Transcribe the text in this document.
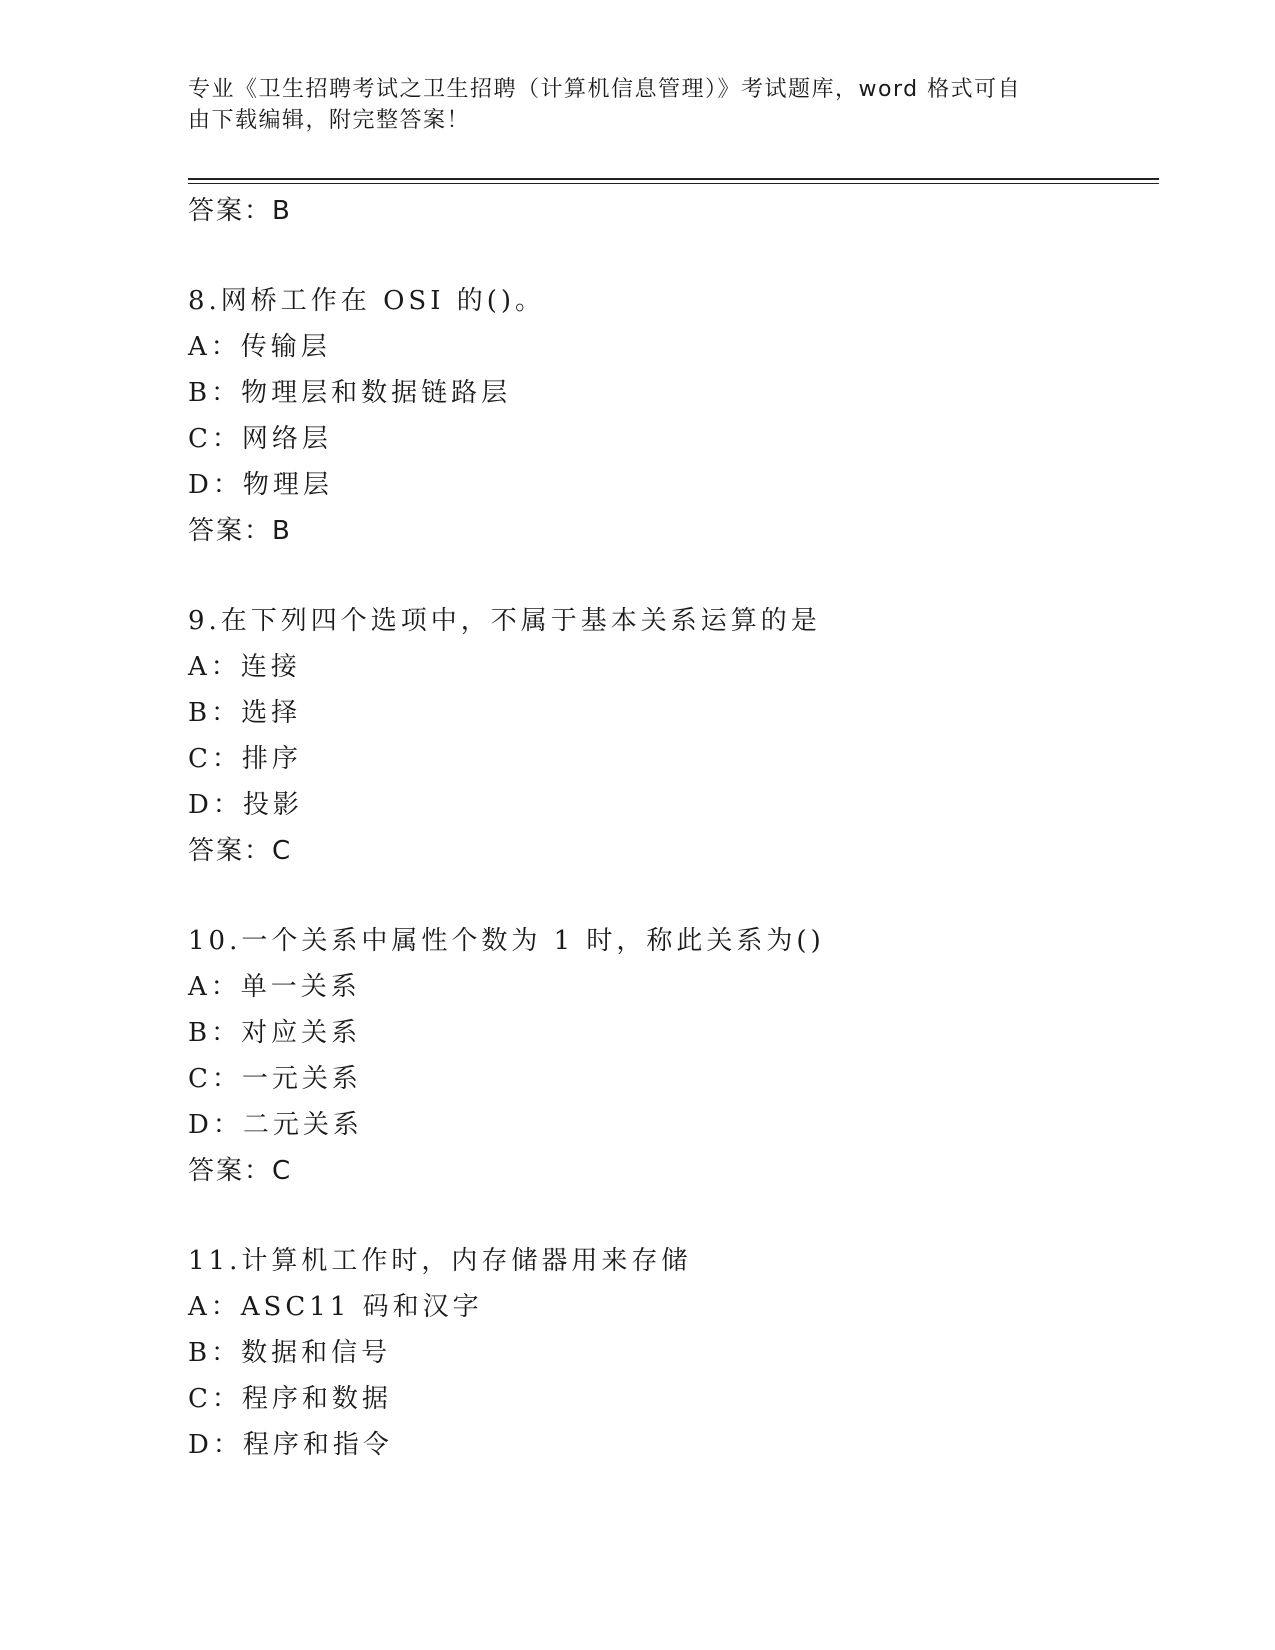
专业《卫生招聘考试之卫生招聘（计算机信息管理）》考试题库，word 格式可自
由下载编辑，附完整答案！
答案：B
8.网桥工作在 OSI 的()。
A：传输层
B：物理层和数据链路层
C：网络层
D：物理层
答案：B
9.在下列四个选项中，不属于基本关系运算的是
A：连接
B：选择
C：排序
D：投影
答案：C
10.一个关系中属性个数为 1 时，称此关系为()
A：单一关系
B：对应关系
C：一元关系
D：二元关系
答案：C
11.计算机工作时，内存储器用来存储
A：ASC11 码和汉字
B：数据和信号
C：程序和数据
D：程序和指令
